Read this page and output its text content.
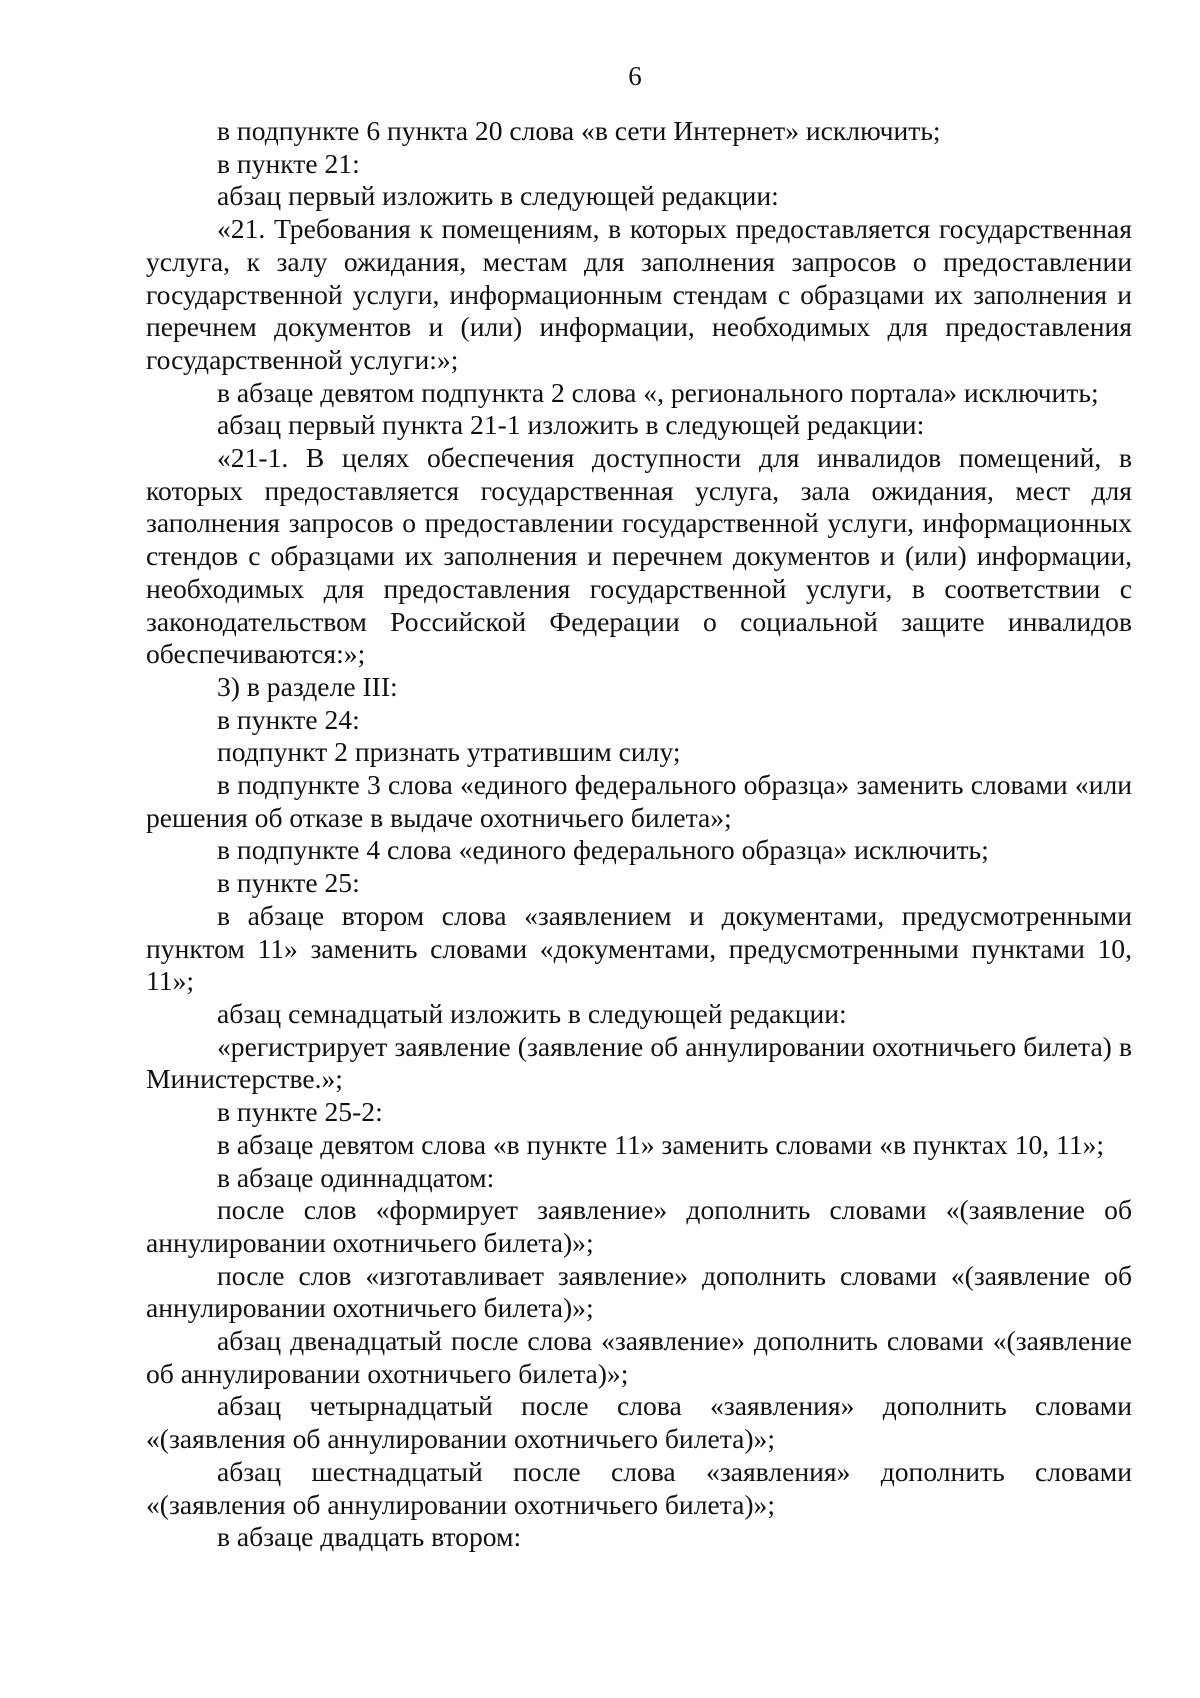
6

в подпункте 6 пункта 20 слова «в сети Интернет» исключить;

в пункте 21:

абзац первый изложить в следующей редакции:

«21. Требования к помещениям, в которых предоставляется государственная услуга, к залу ожидания, местам для заполнения запросов о предоставлении государственной услуги, информационным стендам с образцами их заполнения и перечнем документов и (или) информации, необходимых для предоставления государственной услуги:»;

в абзаце девятом подпункта 2 слова «, регионального портала» исключить;

абзац первый пункта 21-1 изложить в следующей редакции:

«21-1. В целях обеспечения доступности для инвалидов помещений, в которых предоставляется государственная услуга, зала ожидания, мест для заполнения запросов о предоставлении государственной услуги, информационных стендов с образцами их заполнения и перечнем документов и (или) информации, необходимых для предоставления государственной услуги, в соответствии с законодательством Российской Федерации о социальной защите инвалидов обеспечиваются:»;

3) в разделе III:

в пункте 24:

подпункт 2 признать утратившим силу;

в подпункте 3 слова «единого федерального образца» заменить словами «или решения об отказе в выдаче охотничьего билета»;

в подпункте 4 слова «единого федерального образца» исключить;

в пункте 25:

в абзаце втором слова «заявлением и документами, предусмотренными пунктом 11» заменить словами «документами, предусмотренными пунктами 10, 11»;

абзац семнадцатый изложить в следующей редакции:

«регистрирует заявление (заявление об аннулировании охотничьего билета) в Министерстве.»;

в пункте 25-2:

в абзаце девятом слова «в пункте 11» заменить словами «в пунктах 10, 11»;

в абзаце одиннадцатом:

после слов «формирует заявление» дополнить словами «(заявление об аннулировании охотничьего билета)»;

после слов «изготавливает заявление» дополнить словами «(заявление об аннулировании охотничьего билета)»;

абзац двенадцатый после слова «заявление» дополнить словами «(заявление об аннулировании охотничьего билета)»;

абзац четырнадцатый после слова «заявления» дополнить словами «(заявления об аннулировании охотничьего билета)»;

абзац шестнадцатый после слова «заявления» дополнить словами «(заявления об аннулировании охотничьего билета)»;

в абзаце двадцать втором:
